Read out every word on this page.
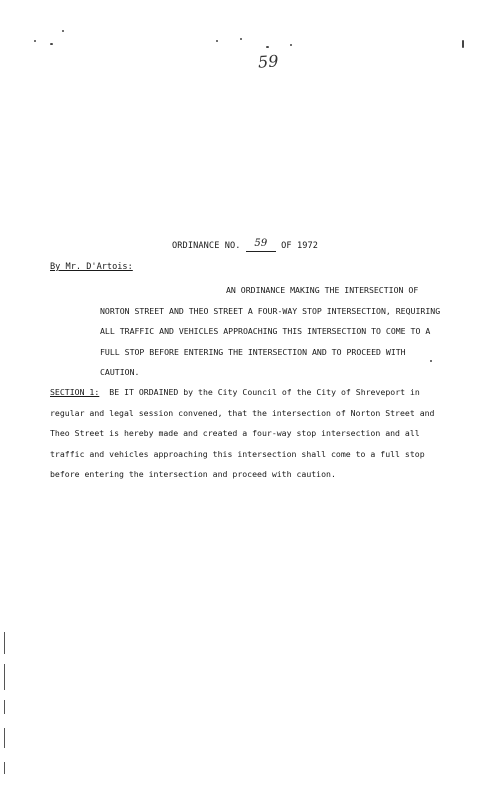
59
ORDINANCE NO. 59 OF 1972
By Mr. D'Artois:
AN ORDINANCE MAKING THE INTERSECTION OF
NORTON STREET AND THEO STREET A FOUR-WAY STOP INTERSECTION, REQUIRING
ALL TRAFFIC AND VEHICLES APPROACHING THIS INTERSECTION TO COME TO A
FULL STOP BEFORE ENTERING THE INTERSECTION AND TO PROCEED WITH
CAUTION.
SECTION 1: BE IT ORDAINED by the City Council of the City of Shreveport in
regular and legal session convened, that the intersection of Norton Street and
Theo Street is hereby made and created a four-way stop intersection and all
traffic and vehicles approaching this intersection shall come to a full stop
before entering the intersection and proceed with caution.
